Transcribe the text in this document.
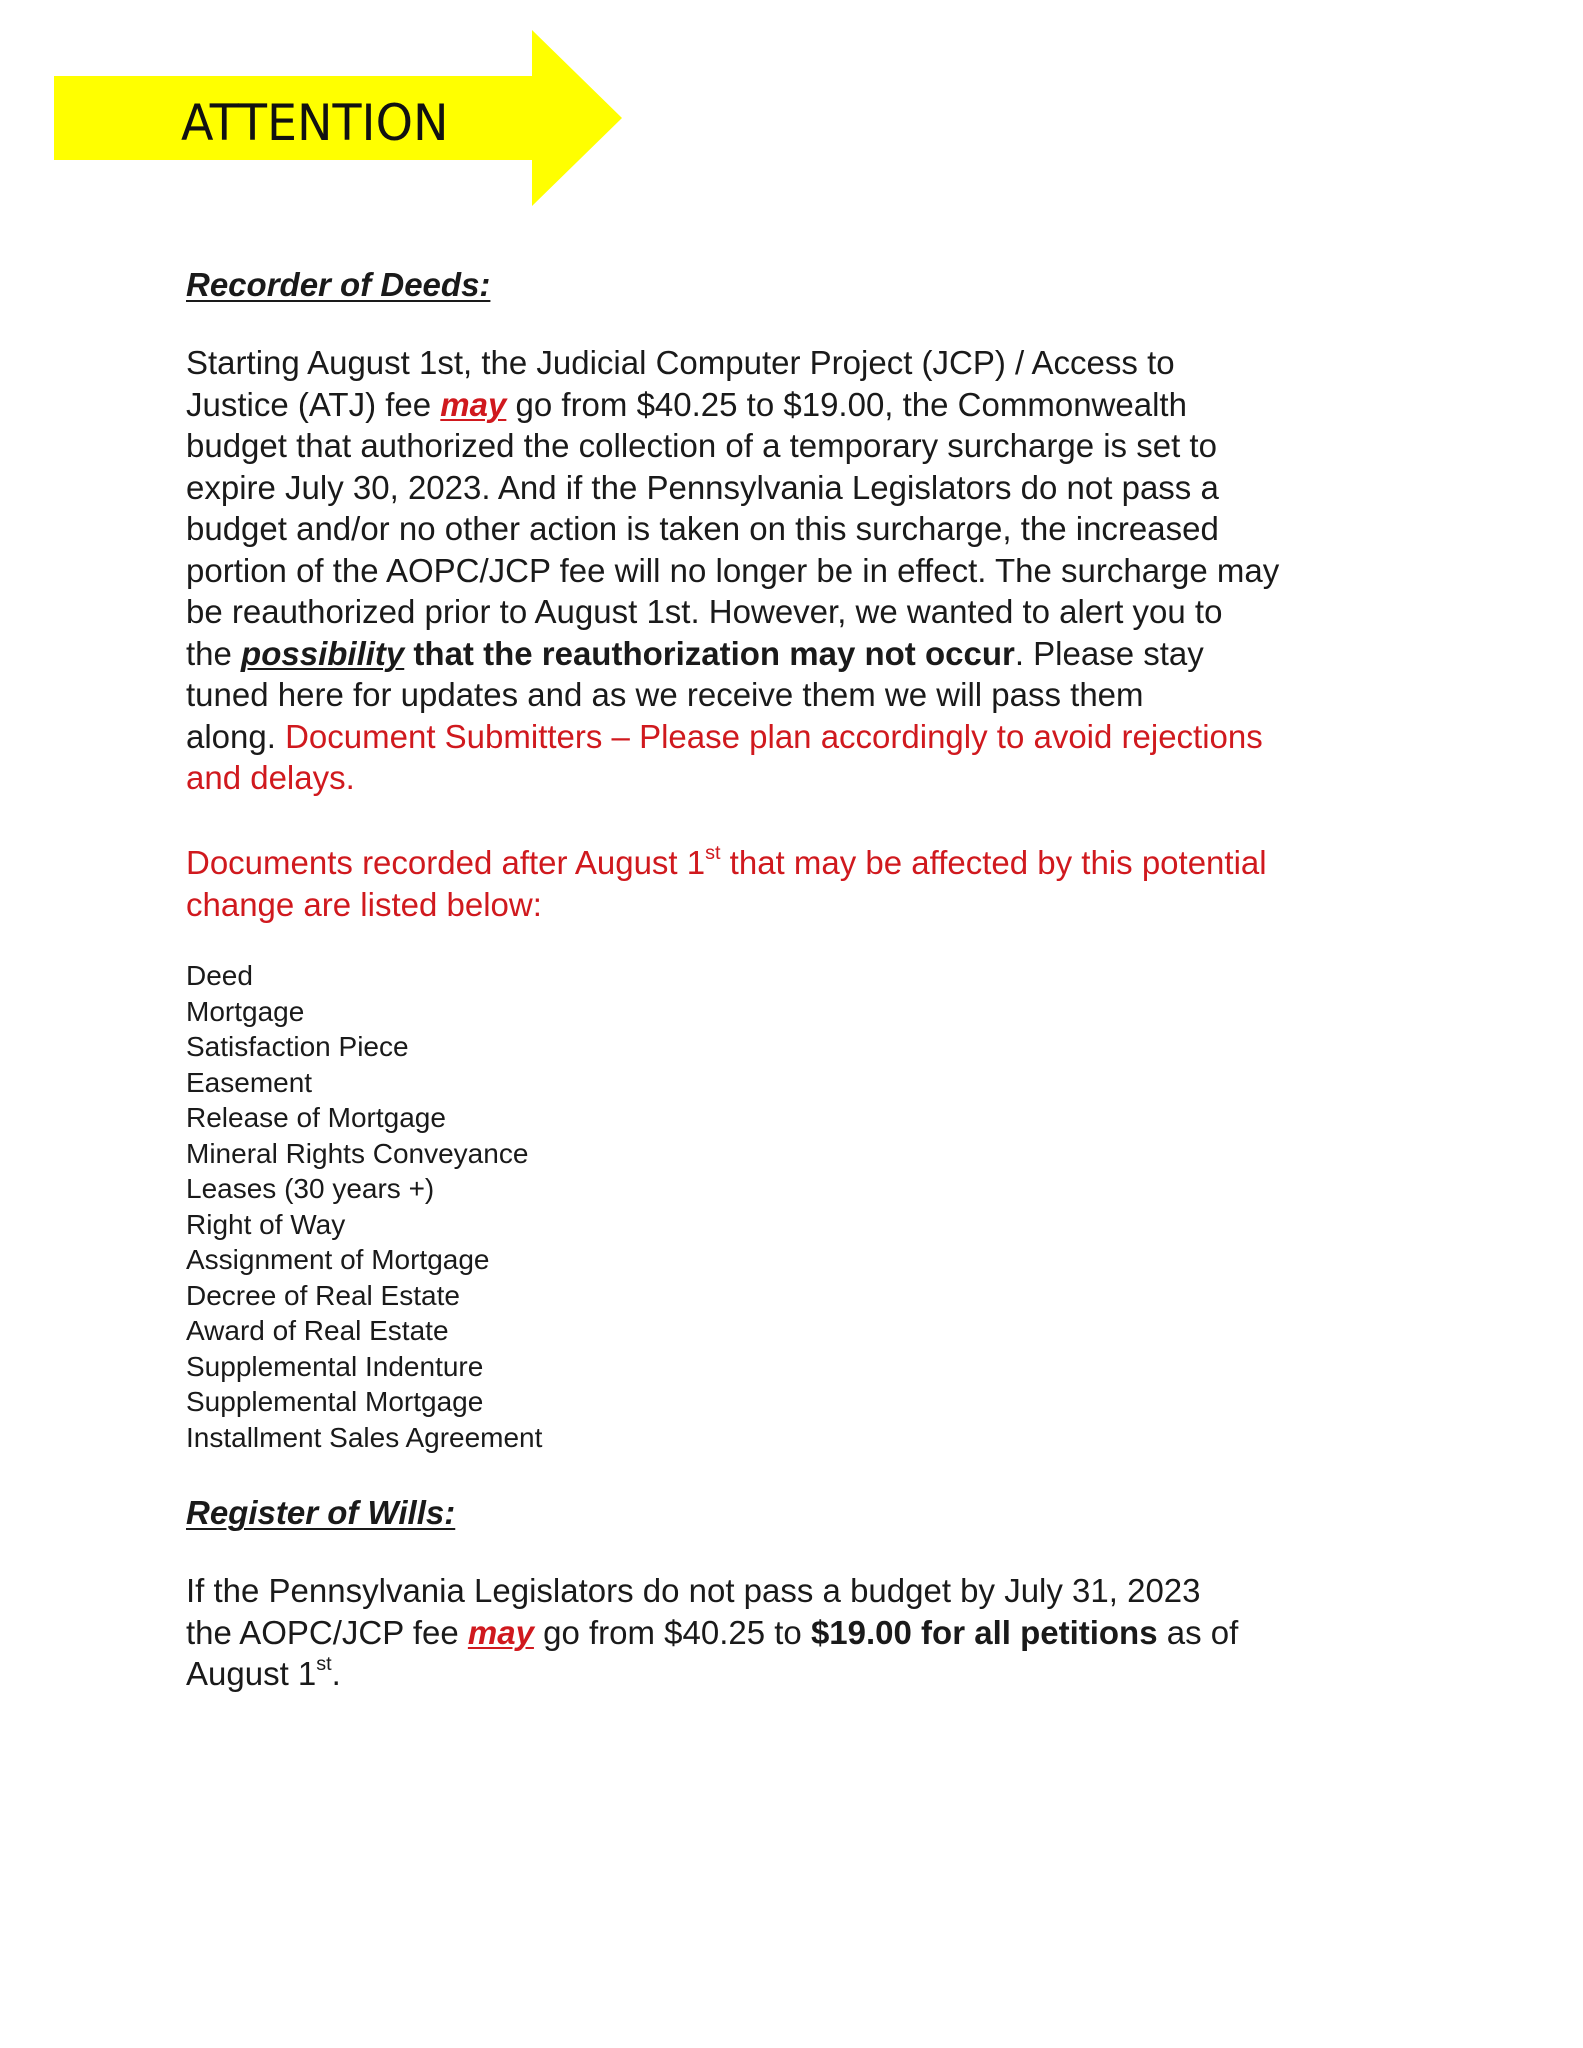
ATTENTION
Recorder of Deeds:
Starting August 1st, the Judicial Computer Project (JCP) / Access to
Justice (ATJ) fee may go from $40.25 to $19.00, the Commonwealth
budget that authorized the collection of a temporary surcharge is set to
expire July 30, 2023. And if the Pennsylvania Legislators do not pass a
budget and/or no other action is taken on this surcharge, the increased
portion of the AOPC/JCP fee will no longer be in effect. The surcharge may
be reauthorized prior to August 1st. However, we wanted to alert you to
the possibility that the reauthorization may not occur. Please stay
tuned here for updates and as we receive them we will pass them
along. Document Submitters – Please plan accordingly to avoid rejections
and delays.
Documents recorded after August 1st that may be affected by this potential
change are listed below:
Deed
Mortgage
Satisfaction Piece
Easement
Release of Mortgage
Mineral Rights Conveyance
Leases (30 years +)
Right of Way
Assignment of Mortgage
Decree of Real Estate
Award of Real Estate
Supplemental Indenture
Supplemental Mortgage
Installment Sales Agreement
Register of Wills:
If the Pennsylvania Legislators do not pass a budget by July 31, 2023
the AOPC/JCP fee may go from $40.25 to $19.00 for all petitions as of
August 1st.
